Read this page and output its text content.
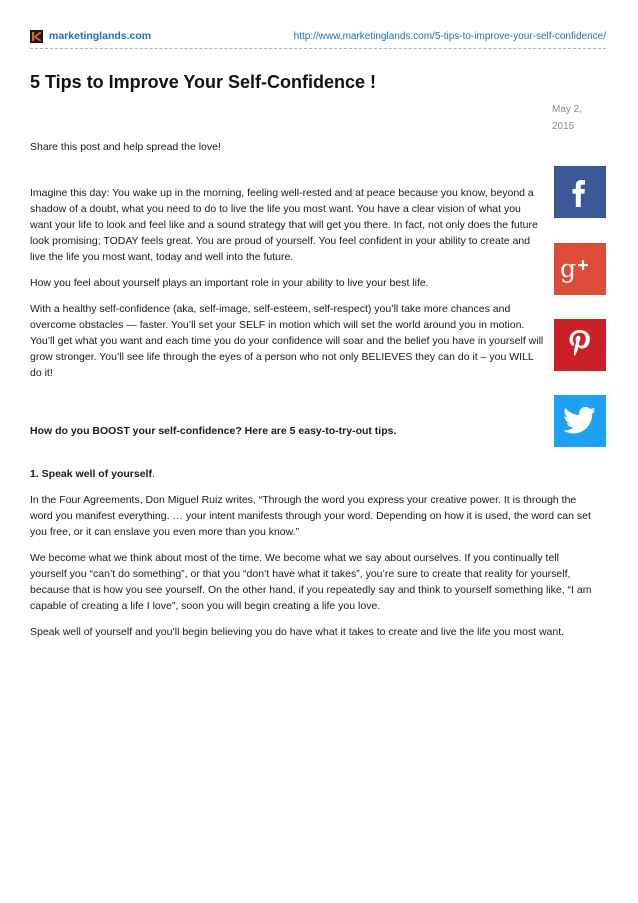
marketinglands.com	http://www.marketinglands.com/5-tips-to-improve-your-self-confidence/
5 Tips to Improve Your Self-Confidence !
May 2,
2015

Share this post and help spread the love!

Imagine this day: You wake up in the morning, feeling well-rested and at peace because you know, beyond a shadow of a doubt, what you need to do to live the life you most want. You have a clear vision of what you want your life to look and feel like and a sound strategy that will get you there. In fact, not only does the future look promising; TODAY feels great. You are proud of yourself. You feel confident in your ability to create and live the life you most want, today and well into the future.

How you feel about yourself plays an important role in your ability to live your best life.

With a healthy self-confidence (aka, self-image, self-esteem, self-respect) you’ll take more chances and overcome obstacles — faster. You’ll set your SELF in motion which will set the world around you in motion. You’ll get what you want and each time you do your confidence will soar and the belief you have in yourself will grow stronger. You’ll see life through the eyes of a person who not only BELIEVES they can do it – you WILL do it!

How do you BOOST your self-confidence? Here are 5 easy-to-try-out tips.

1. Speak well of yourself.

In the Four Agreements, Don Miguel Ruiz writes, “Through the word you express your creative power. It is through the word you manifest everything. … your intent manifests through your word. Depending on how it is used, the word can set you free, or it can enslave you even more than you know.”

We become what we think about most of the time. We become what we say about ourselves. If you continually tell yourself you “can’t do something”, or that you “don’t have what it takes”, you’re sure to create that reality for yourself, because that is how you see yourself. On the other hand, if you repeatedly say and think to yourself something like, “I am capable of creating a life I love”, soon you will begin creating a life you love.

Speak well of yourself and you’ll begin believing you do have what it takes to create and live the life you most want.

g
